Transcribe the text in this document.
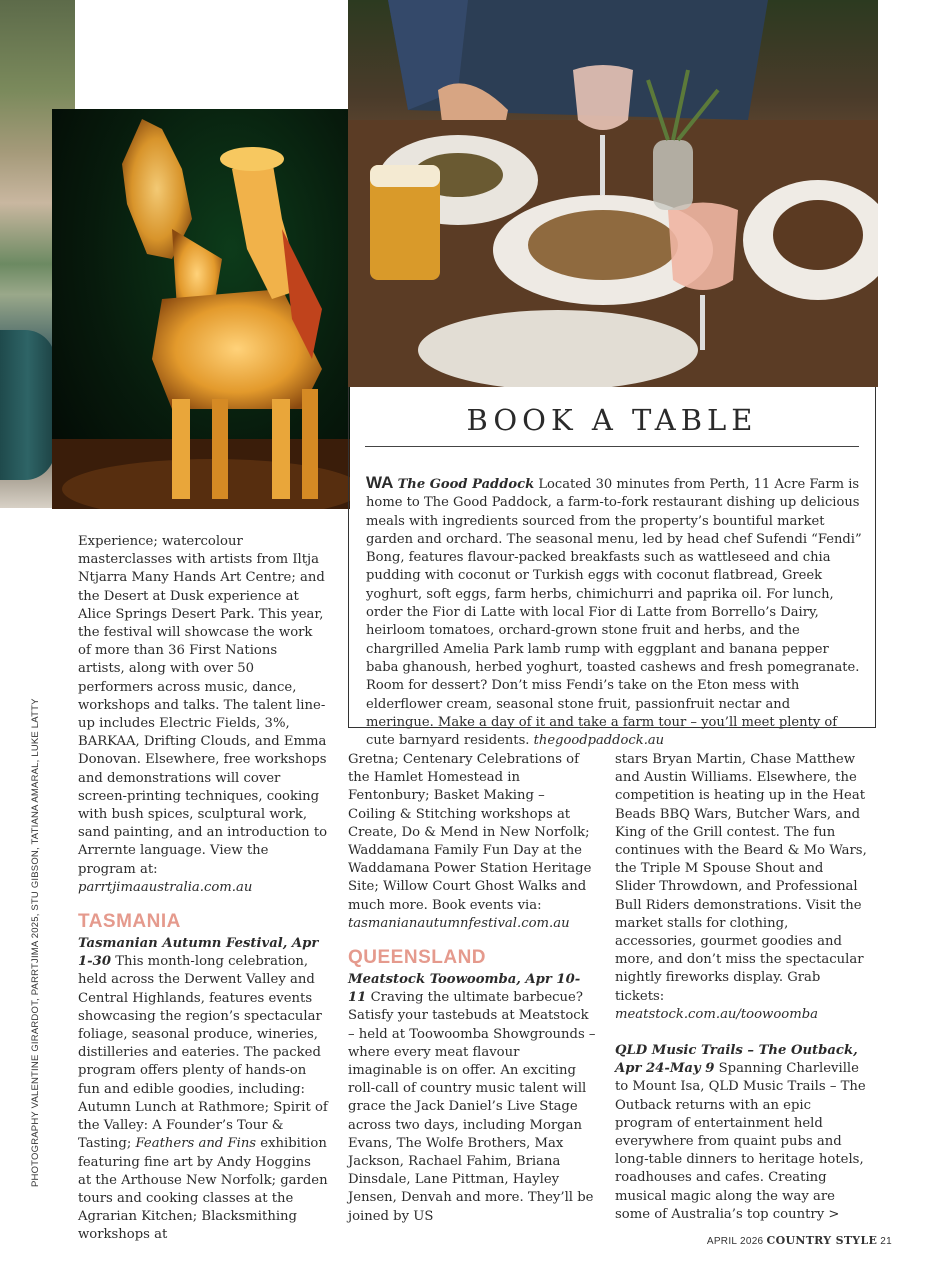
PHOTOGRAPHY VALENTINE GIRARDOT, PARRTJIMA 2025, STU GIBSON, TATIANA AMARAL, LUKE LATTY

Experience; watercolour masterclasses with artists from Iltja Ntjarra Many Hands Art Centre; and the Desert at Dusk experience at Alice Springs Desert Park. This year, the festival will showcase the work of more than 36 First Nations artists, along with over 50 performers across music, dance, workshops and talks. The talent line-up includes Electric Fields, 3%, BARKAA, Drifting Clouds, and Emma Donovan. Elsewhere, free workshops and demonstrations will cover screen-printing techniques, cooking with bush spices, sculptural work, sand painting, and an introduction to Arrernte language. View the program at: parrtjimaaustralia.com.au

TASMANIA

Tasmanian Autumn Festival, Apr 1-30 This month-long celebration, held across the Derwent Valley and Central Highlands, features events showcasing the region’s spectacular foliage, seasonal produce, wineries, distilleries and eateries. The packed program offers plenty of hands-on fun and edible goodies, including: Autumn Lunch at Rathmore; Spirit of the Valley: A Founder’s Tour & Tasting; Feathers and Fins exhibition featuring fine art by Andy Hoggins at the Arthouse New Norfolk; garden tours and cooking classes at the Agrarian Kitchen; Blacksmithing workshops at

BOOK A TABLE
WA The Good Paddock Located 30 minutes from Perth, 11 Acre Farm is home to The Good Paddock, a farm-to-fork restaurant dishing up delicious meals with ingredients sourced from the property’s bountiful market garden and orchard. The seasonal menu, led by head chef Sufendi “Fendi” Bong, features flavour-packed breakfasts such as wattleseed and chia pudding with coconut or Turkish eggs with coconut flatbread, Greek yoghurt, soft eggs, farm herbs, chimichurri and paprika oil. For lunch, order the Fior di Latte with local Fior di Latte from Borrello’s Dairy, heirloom tomatoes, orchard-grown stone fruit and herbs, and the chargrilled Amelia Park lamb rump with eggplant and banana pepper baba ghanoush, herbed yoghurt, toasted cashews and fresh pomegranate. Room for dessert? Don’t miss Fendi’s take on the Eton mess with elderflower cream, seasonal stone fruit, passionfruit nectar and meringue. Make a day of it and take a farm tour – you’ll meet plenty of cute barnyard residents. thegoodpaddock.au

Gretna; Centenary Celebrations of the Hamlet Homestead in Fentonbury; Basket Making – Coiling & Stitching workshops at Create, Do & Mend in New Norfolk; Waddamana Family Fun Day at the Waddamana Power Station Heritage Site; Willow Court Ghost Walks and much more. Book events via: tasmanianautumnfestival.com.au

QUEENSLAND

Meatstock Toowoomba, Apr 10-11 Craving the ultimate barbecue? Satisfy your tastebuds at Meatstock – held at Toowoomba Showgrounds – where every meat flavour imaginable is on offer. An exciting roll-call of country music talent will grace the Jack Daniel’s Live Stage across two days, including Morgan Evans, The Wolfe Brothers, Max Jackson, Rachael Fahim, Briana Dinsdale, Lane Pittman, Hayley Jensen, Denvah and more. They’ll be joined by US

stars Bryan Martin, Chase Matthew and Austin Williams. Elsewhere, the competition is heating up in the Heat Beads BBQ Wars, Butcher Wars, and King of the Grill contest. The fun continues with the Beard & Mo Wars, the Triple M Spouse Shout and Slider Throwdown, and Professional Bull Riders demonstrations. Visit the market stalls for clothing, accessories, gourmet goodies and more, and don’t miss the spectacular nightly fireworks display. Grab tickets: meatstock.com.au/toowoomba

QLD Music Trails – The Outback, Apr 24-May 9 Spanning Charleville to Mount Isa, QLD Music Trails – The Outback returns with an epic program of entertainment held everywhere from quaint pubs and long-table dinners to heritage hotels, roadhouses and cafes. Creating musical magic along the way are some of Australia’s top country >

APRIL 2026 COUNTRY STYLE 21
